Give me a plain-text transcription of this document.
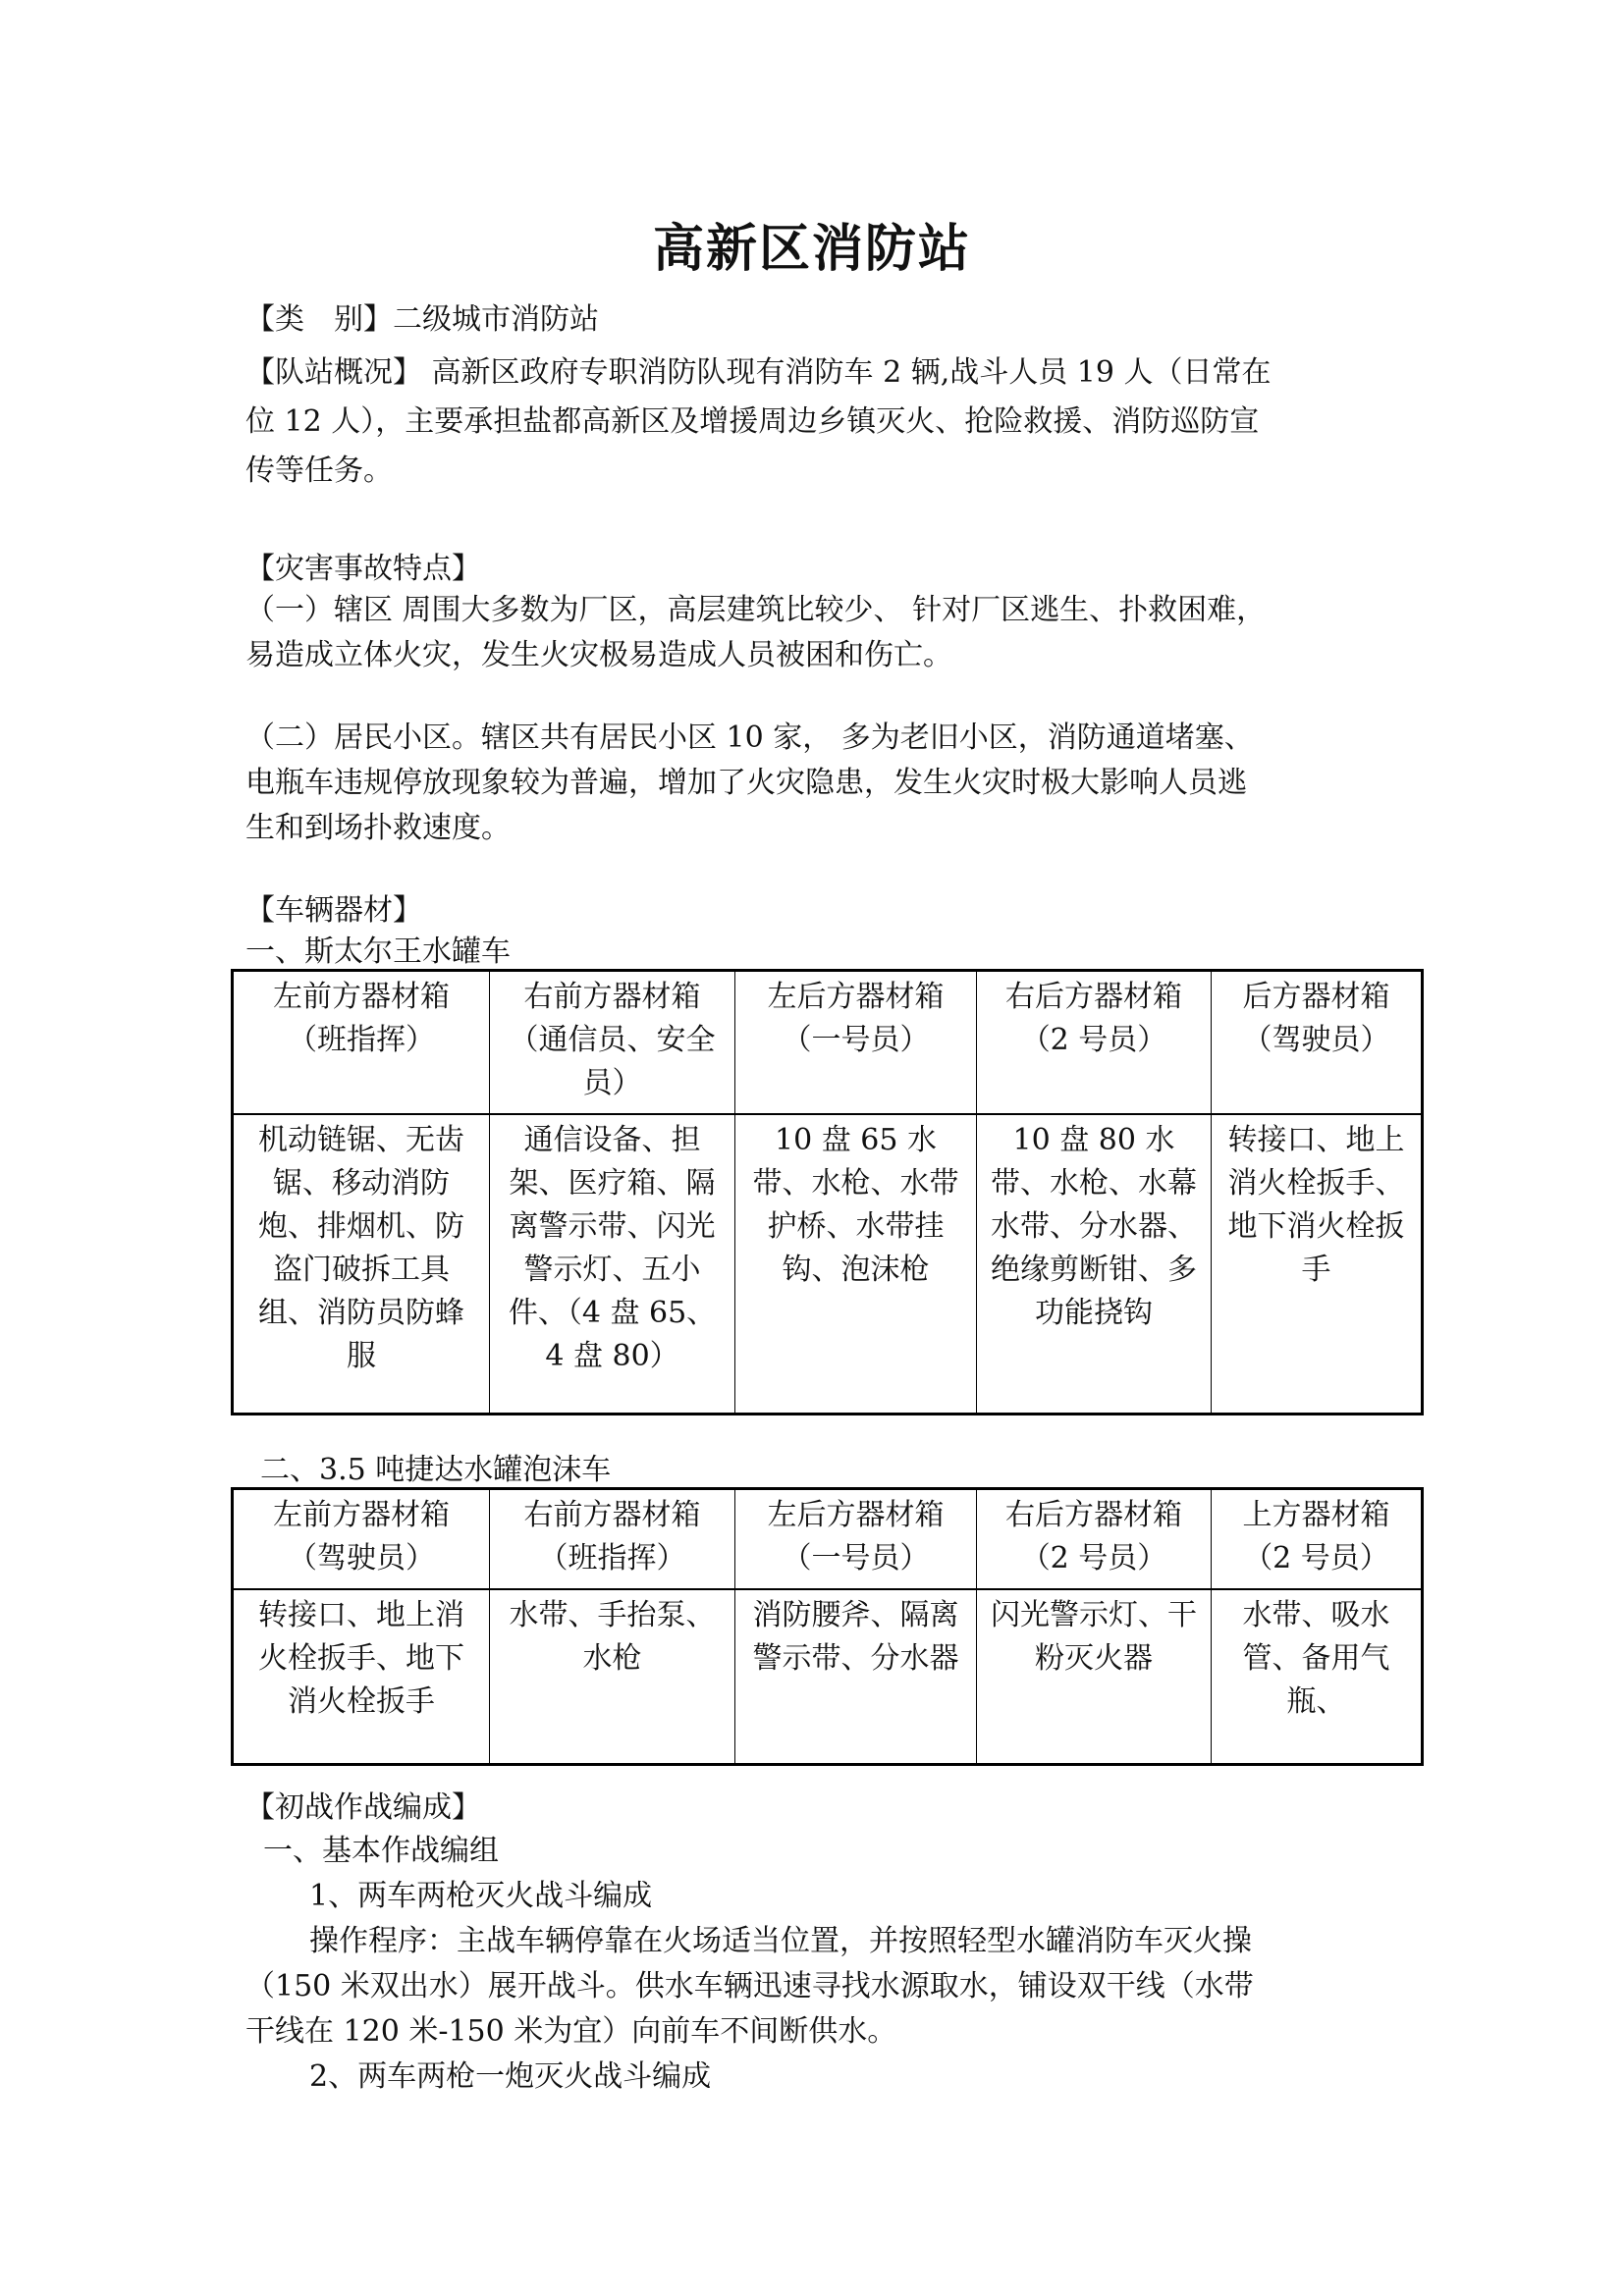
高新区消防站
【类　别】二级城市消防站
【队站概况】 高新区政府专职消防队现有消防车 2 辆,战斗人员 19 人（日常在
位 12 人），主要承担盐都高新区及增援周边乡镇灭火、抢险救援、消防巡防宣
传等任务。
【灾害事故特点】
（一）辖区 周围大多数为厂区，高层建筑比较少、 针对厂区逃生、扑救困难，
易造成立体火灾，发生火灾极易造成人员被困和伤亡。
（二）居民小区。辖区共有居民小区 10 家， 多为老旧小区，消防通道堵塞、
电瓶车违规停放现象较为普遍，增加了火灾隐患，发生火灾时极大影响人员逃
生和到场扑救速度。
【车辆器材】
一、斯太尔王水罐车
左前方器材箱（班指挥）	右前方器材箱（通信员、安全员）	左后方器材箱（一号员）	右后方器材箱（2 号员）	后方器材箱（驾驶员）
机动链锯、无齿锯、移动消防炮、排烟机、防盗门破拆工具组、消防员防蜂服	通信设备、担架、医疗箱、隔离警示带、闪光警示灯、五小件、（4 盘 65、4 盘 80）	10 盘 65 水带、水枪、水带护桥、水带挂钩、泡沫枪	10 盘 80 水带、水枪、水幕水带、分水器、绝缘剪断钳、多功能挠钩	转接口、地上消火栓扳手、地下消火栓扳手
二、3.5 吨捷达水罐泡沫车
左前方器材箱（驾驶员）	右前方器材箱（班指挥）	左后方器材箱（一号员）	右后方器材箱（2 号员）	上方器材箱（2 号员）
转接口、地上消火栓扳手、地下消火栓扳手	水带、手抬泵、水枪	消防腰斧、隔离警示带、分水器	闪光警示灯、干粉灭火器	水带、吸水管、备用气瓶、
【初战作战编成】
一、基本作战编组
1、两车两枪灭火战斗编成
操作程序：主战车辆停靠在火场适当位置，并按照轻型水罐消防车灭火操
（150 米双出水）展开战斗。供水车辆迅速寻找水源取水，铺设双干线（水带
干线在 120 米-150 米为宜）向前车不间断供水。
2、两车两枪一炮灭火战斗编成
